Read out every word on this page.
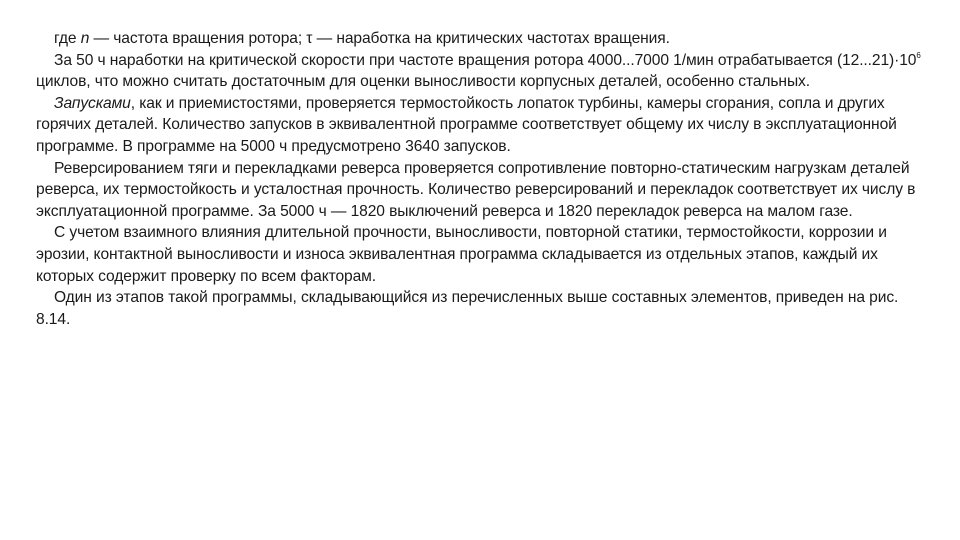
где n — частота вращения ротора; τ — наработка на критических частотах вращения.

За 50 ч наработки на критической скорости при частоте вращения ротора 4000...7000 1/мин отрабатывается $(12...21)\cdot 10^6$ циклов, что можно считать достаточным для оценки выносливости корпусных деталей, особенно стальных.

Запусками, как и приемистостями, проверяется термостойкость лопаток турбины, камеры сгорания, сопла и других горячих деталей. Количество запусков в эквивалентной программе соответствует общему их числу в эксплуатационной программе. В программе на 5000 ч предусмотрено 3640 запусков.

Реверсированием тяги и перекладками реверса проверяется сопротивление повторно-статическим нагрузкам деталей реверса, их термостойкость и усталостная прочность. Количество реверсирований и перекладок соответствует их числу в эксплуатационной программе. За 5000 ч — 1820 выключений реверса и 1820 перекладок реверса на малом газе.

С учетом взаимного влияния длительной прочности, выносливости, повторной статики, термостойкости, коррозии и эрозии, контактной выносливости и износа эквивалентная программа складывается из отдельных этапов, каждый их которых содержит проверку по всем факторам.

Один из этапов такой программы, складывающийся из перечисленных выше составных элементов, приведен на рис. 8.14.
